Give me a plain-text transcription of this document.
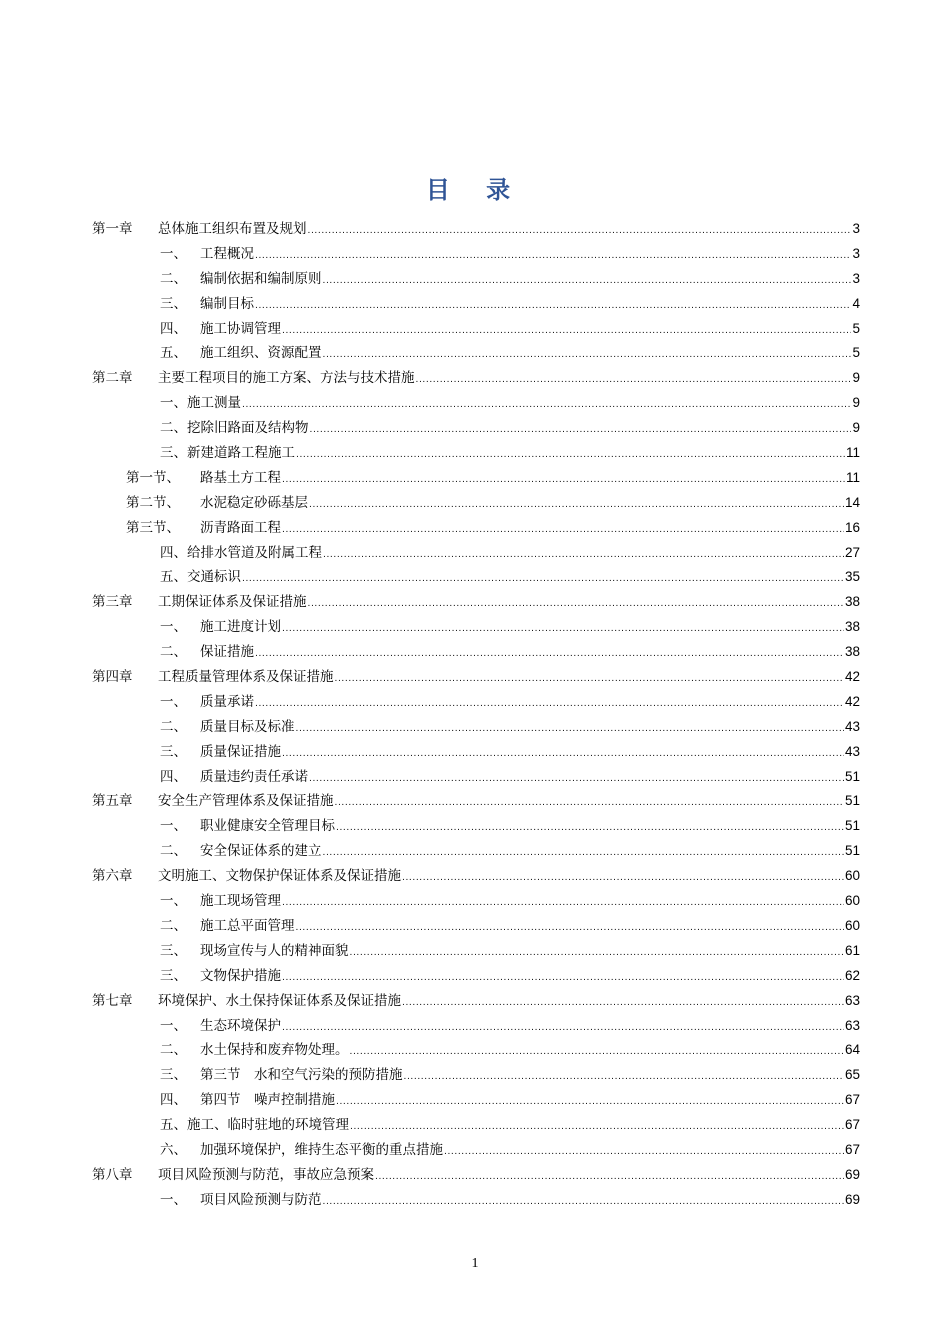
目 录
第一章	总体施工组织布置及规划 .....	3
一、 工程概况 .....	3
二、 编制依据和编制原则 .....	3
三、 编制目标 .....	4
四、 施工协调管理 .....	5
五、 施工组织、资源配置 .....	5
第二章	主要工程项目的施工方案、方法与技术措施 .....	9
一、施工测量 .....	9
二、挖除旧路面及结构物 .....	9
三、新建道路工程施工 .....	11
第一节、	路基土方工程 .....	11
第二节、	水泥稳定砂砾基层 .....	14
第三节、	沥青路面工程 .....	16
四、给排水管道及附属工程 .....	27
五、交通标识 .....	35
第三章	工期保证体系及保证措施 .....	38
一、 施工进度计划 .....	38
二、 保证措施 .....	38
第四章	工程质量管理体系及保证措施 .....	42
一、 质量承诺 .....	42
二、 质量目标及标准 .....	43
三、 质量保证措施 .....	43
四、 质量违约责任承诺 .....	51
第五章	安全生产管理体系及保证措施 .....	51
一、 职业健康安全管理目标 .....	51
二、 安全保证体系的建立 .....	51
第六章	文明施工、文物保护保证体系及保证措施 .....	60
一、 施工现场管理 .....	60
二、 施工总平面管理 .....	60
三、 现场宣传与人的精神面貌 .....	61
三、 文物保护措施 .....	62
第七章	环境保护、水土保持保证体系及保证措施 .....	63
一、 生态环境保护 .....	63
二、 水土保持和废弃物处理。 .....	64
三、 第三节　水和空气污染的预防措施 .....	65
四、 第四节　噪声控制措施 .....	67
五、施工、临时驻地的环境管理 .....	67
六、 加强环境保护，维持生态平衡的重点措施 .....	67
第八章	项目风险预测与防范，事故应急预案 .....	69
一、 项目风险预测与防范 .....	69
1
